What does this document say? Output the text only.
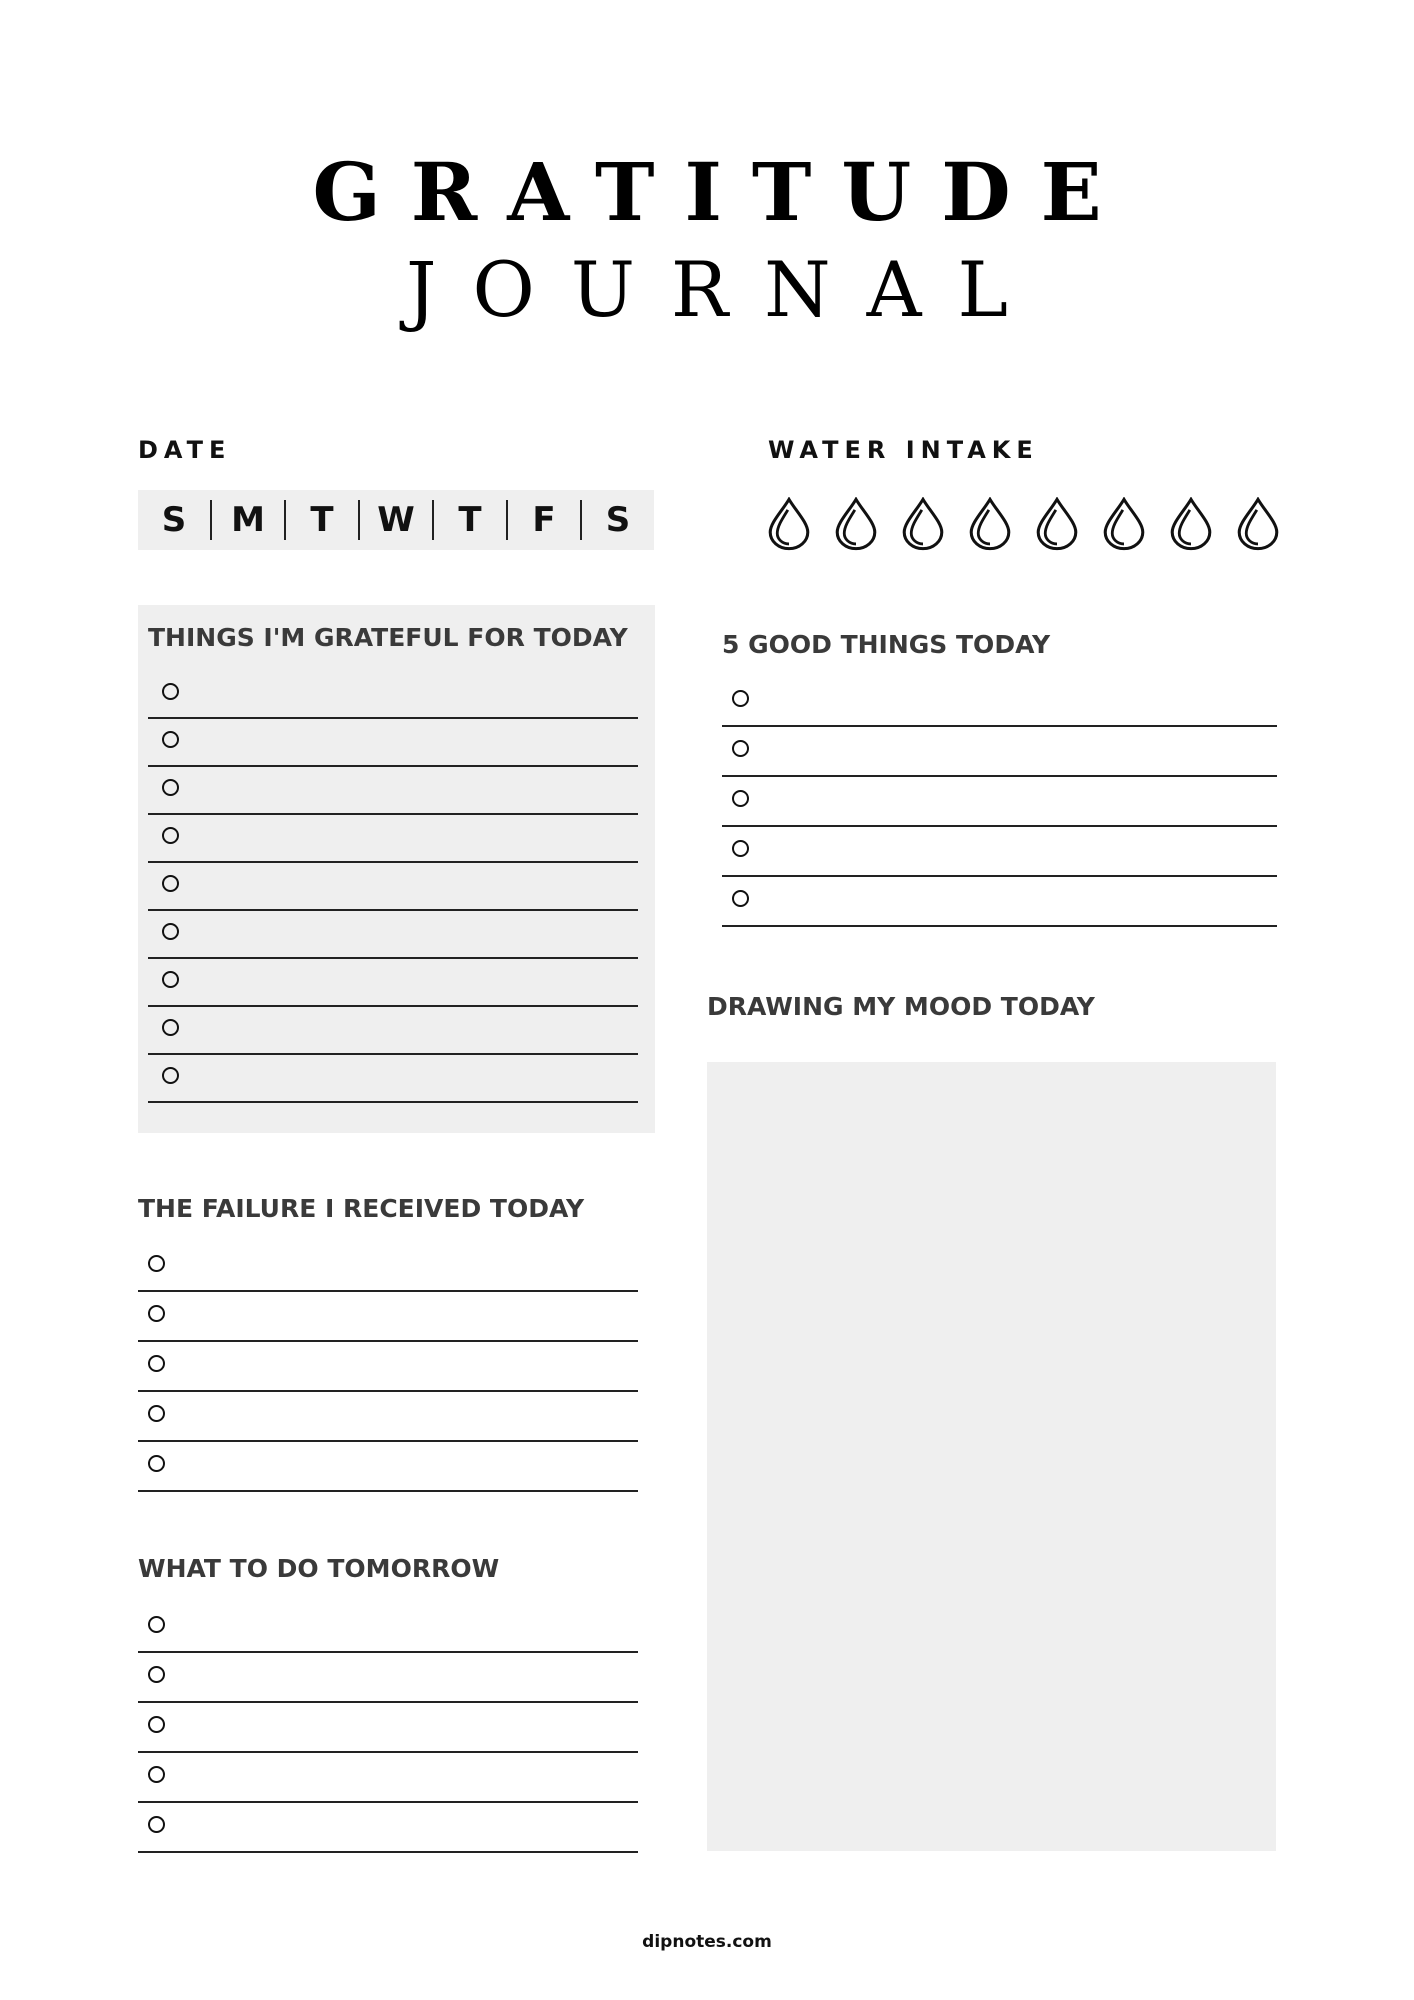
GRATITUDE
JOURNAL
DATE
S	M	T	W	T	F	S
WATER INTAKE
THINGS I'M GRATEFUL FOR TODAY	5 GOOD THINGS TODAY
DRAWING MY MOOD TODAY
THE FAILURE I RECEIVED TODAY
WHAT TO DO TOMORROW
dipnotes.com
